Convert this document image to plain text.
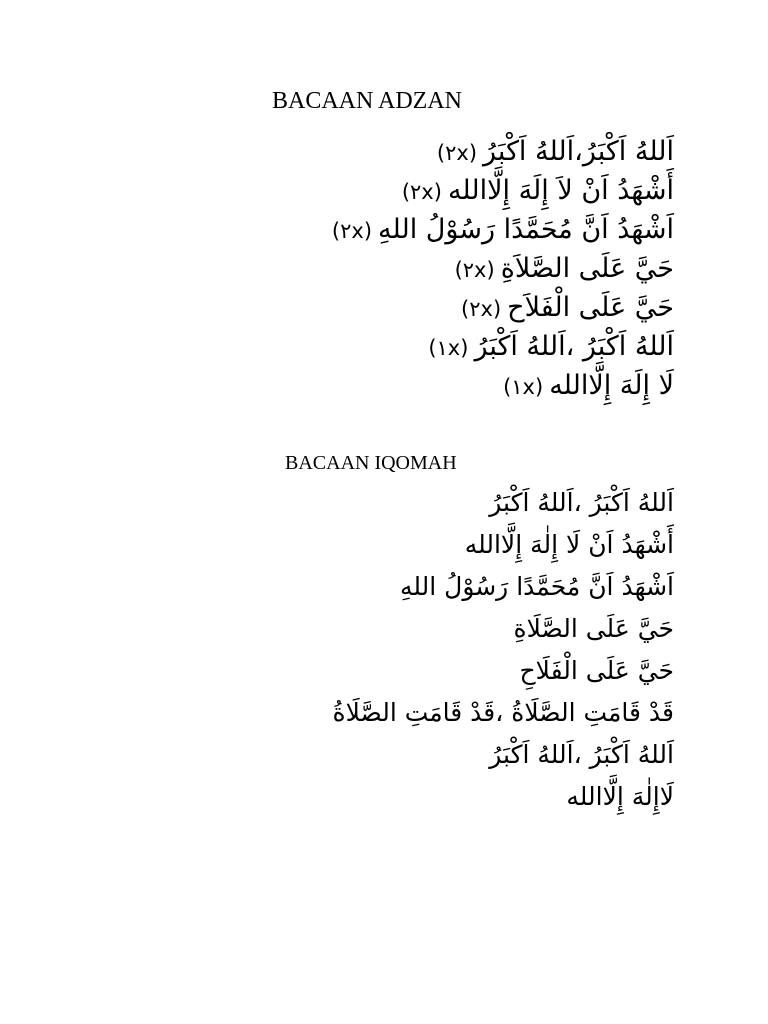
BACAAN ADZAN
اَللهُ اَكْبَرُ،اَللهُ اَكْبَرُ(٢x)
أَشْهَدُ اَنْ لاَ إِلَهَ إِلَّاالله(٢x)
اَشْهَدُ اَنَّ مُحَمَّدًا رَسُوْلُ اللهِ(٢x)
حَيَّ عَلَى الصَّلاَةِ(٢x)
حَيَّ عَلَى الْفَلاَح(٢x)
اَللهُ اَكْبَرُ ،اَللهُ اَكْبَرُ(١x)
لَا إِلَهَ إِلَّاالله(١x)
BACAAN IQOMAH
اَللهُ اَكْبَرُ ،اَللهُ اَكْبَرُ
أَشْهَدُ اَنْ لَا إِلٰهَ إِلَّاالله
اَشْهَدُ اَنَّ مُحَمَّدًا رَسُوْلُ اللهِ
حَيَّ عَلَى الصَّلَاةِ
حَيَّ عَلَى الْفَلَاحِ
قَدْ قَامَتِ الصَّلَاةُ ،قَدْ قَامَتِ الصَّلَاةُ
اَللهُ اَكْبَرُ ،اَللهُ اَكْبَرُ
لَاإِلٰهَ إِلَّاالله
